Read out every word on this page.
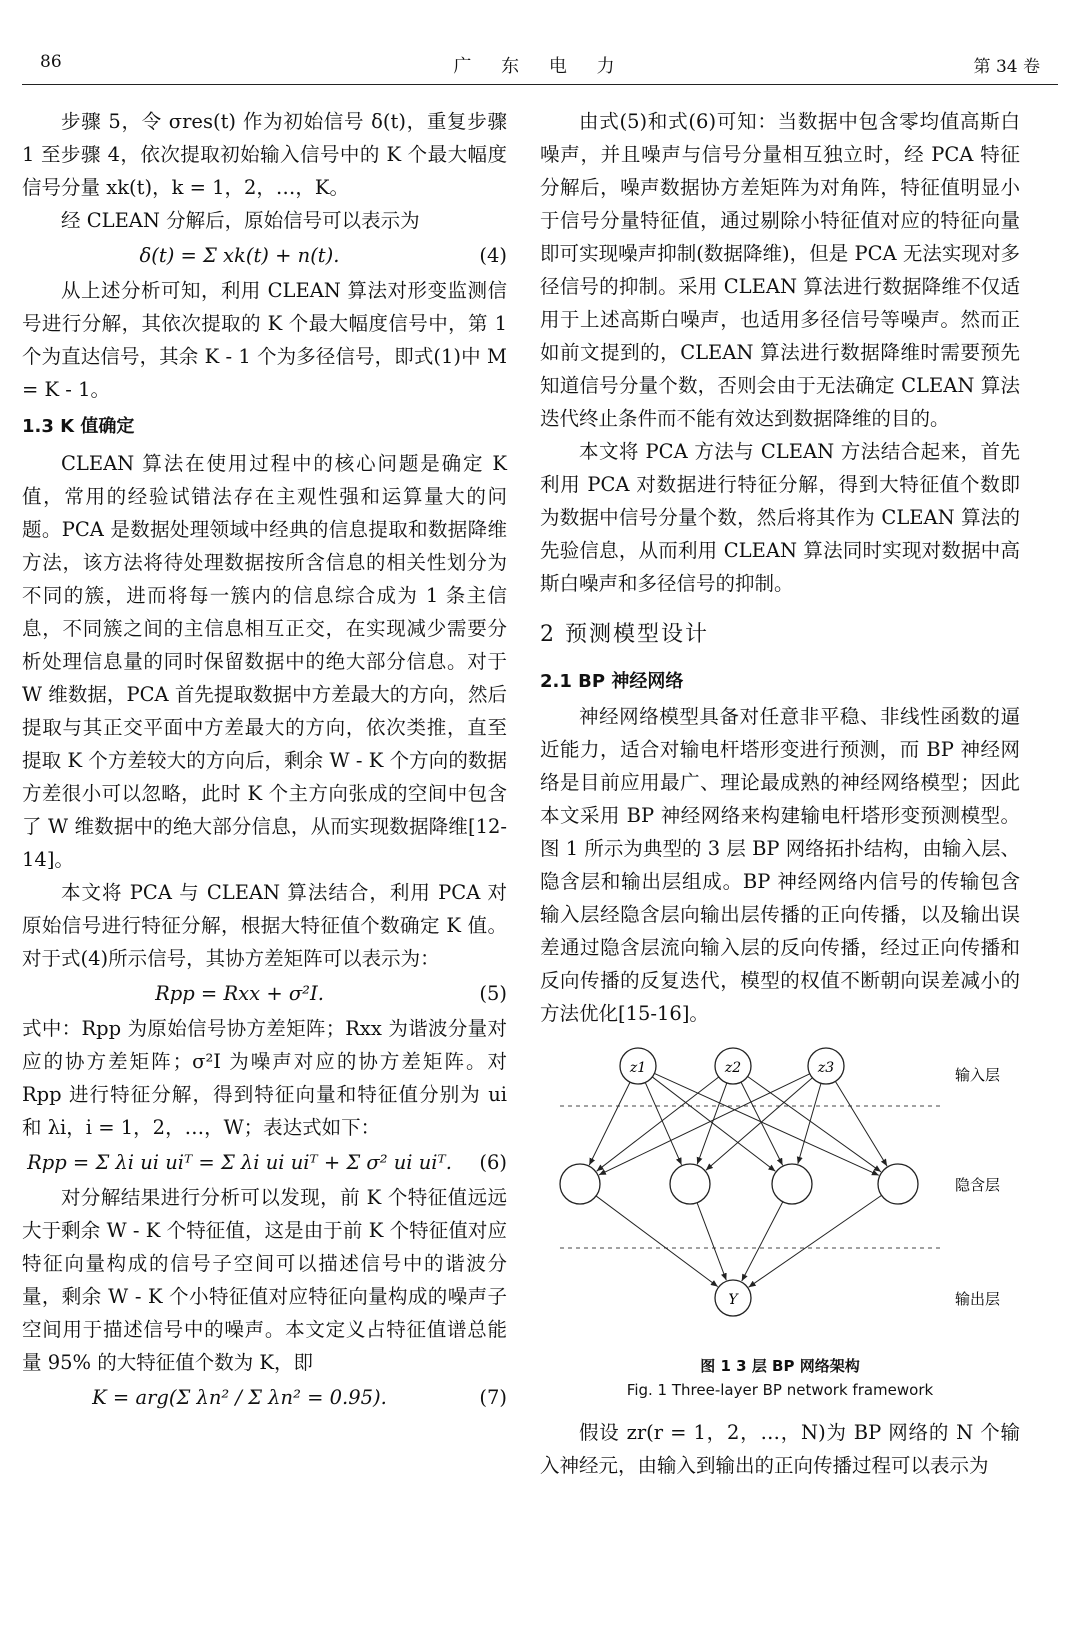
86	广 东 电 力	第 34 卷

步骤 5，令 σres(t) 作为初始信号 δ(t)，重复步骤 1 至步骤 4，依次提取初始输入信号中的 K 个最大幅度信号分量 xk(t)，k = 1，2，…，K。

经 CLEAN 分解后，原始信号可以表示为

δ(t) = Σ xk(t) + n(t).	(4)

从上述分析可知，利用 CLEAN 算法对形变监测信号进行分解，其依次提取的 K 个最大幅度信号中，第 1 个为直达信号，其余 K - 1 个为多径信号，即式(1)中 M = K - 1。

1.3 K 值确定

CLEAN 算法在使用过程中的核心问题是确定 K 值，常用的经验试错法存在主观性强和运算量大的问题。PCA 是数据处理领域中经典的信息提取和数据降维方法，该方法将待处理数据按所含信息的相关性划分为不同的簇，进而将每一簇内的信息综合成为 1 条主信息，不同簇之间的主信息相互正交，在实现减少需要分析处理信息量的同时保留数据中的绝大部分信息。对于 W 维数据，PCA 首先提取数据中方差最大的方向，然后提取与其正交平面中方差最大的方向，依次类推，直至提取 K 个方差较大的方向后，剩余 W - K 个方向的数据方差很小可以忽略，此时 K 个主方向张成的空间中包含了 W 维数据中的绝大部分信息，从而实现数据降维[12-14]。

本文将 PCA 与 CLEAN 算法结合，利用 PCA 对原始信号进行特征分解，根据大特征值个数确定 K 值。对于式(4)所示信号，其协方差矩阵可以表示为：

Rpp = Rxx + σ²I.	(5)

式中：Rpp 为原始信号协方差矩阵；Rxx 为谐波分量对应的协方差矩阵；σ²I 为噪声对应的协方差矩阵。对 Rpp 进行特征分解，得到特征向量和特征值分别为 ui 和 λi，i = 1，2，…，W；表达式如下：

Rpp = Σ λi ui uiᵀ = Σ λi ui uiᵀ + Σ σ² ui uiᵀ.	(6)

对分解结果进行分析可以发现，前 K 个特征值远远大于剩余 W - K 个特征值，这是由于前 K 个特征值对应特征向量构成的信号子空间可以描述信号中的谐波分量，剩余 W - K 个小特征值对应特征向量构成的噪声子空间用于描述信号中的噪声。本文定义占特征值谱总能量 95% 的大特征值个数为 K，即

K = arg(Σ λn² / Σ λn² = 0.95).	(7)

由式(5)和式(6)可知：当数据中包含零均值高斯白噪声，并且噪声与信号分量相互独立时，经 PCA 特征分解后，噪声数据协方差矩阵为对角阵，特征值明显小于信号分量特征值，通过剔除小特征值对应的特征向量即可实现噪声抑制(数据降维)，但是 PCA 无法实现对多径信号的抑制。采用 CLEAN 算法进行数据降维不仅适用于上述高斯白噪声，也适用多径信号等噪声。然而正如前文提到的，CLEAN 算法进行数据降维时需要预先知道信号分量个数，否则会由于无法确定 CLEAN 算法迭代终止条件而不能有效达到数据降维的目的。

本文将 PCA 方法与 CLEAN 方法结合起来，首先利用 PCA 对数据进行特征分解，得到大特征值个数即为数据中信号分量个数，然后将其作为 CLEAN 算法的先验信息，从而利用 CLEAN 算法同时实现对数据中高斯白噪声和多径信号的抑制。

2 预测模型设计
2.1 BP 神经网络

神经网络模型具备对任意非平稳、非线性函数的逼近能力，适合对输电杆塔形变进行预测，而 BP 神经网络是目前应用最广、理论最成熟的神经网络模型；因此本文采用 BP 神经网络来构建输电杆塔形变预测模型。图 1 所示为典型的 3 层 BP 网络拓扑结构，由输入层、隐含层和输出层组成。BP 神经网络内信号的传输包含输入层经隐含层向输出层传播的正向传播，以及输出误差通过隐含层流向输入层的反向传播，经过正向传播和反向传播的反复迭代，模型的权值不断朝向误差减小的方法优化[15-16]。

z1	z2	z3
Y
输入层
隐含层
输出层
图 1 3 层 BP 网络架构
Fig. 1 Three-layer BP network framework

假设 zr(r = 1，2，…，N)为 BP 网络的 N 个输入神经元，由输入到输出的正向传播过程可以表示为
